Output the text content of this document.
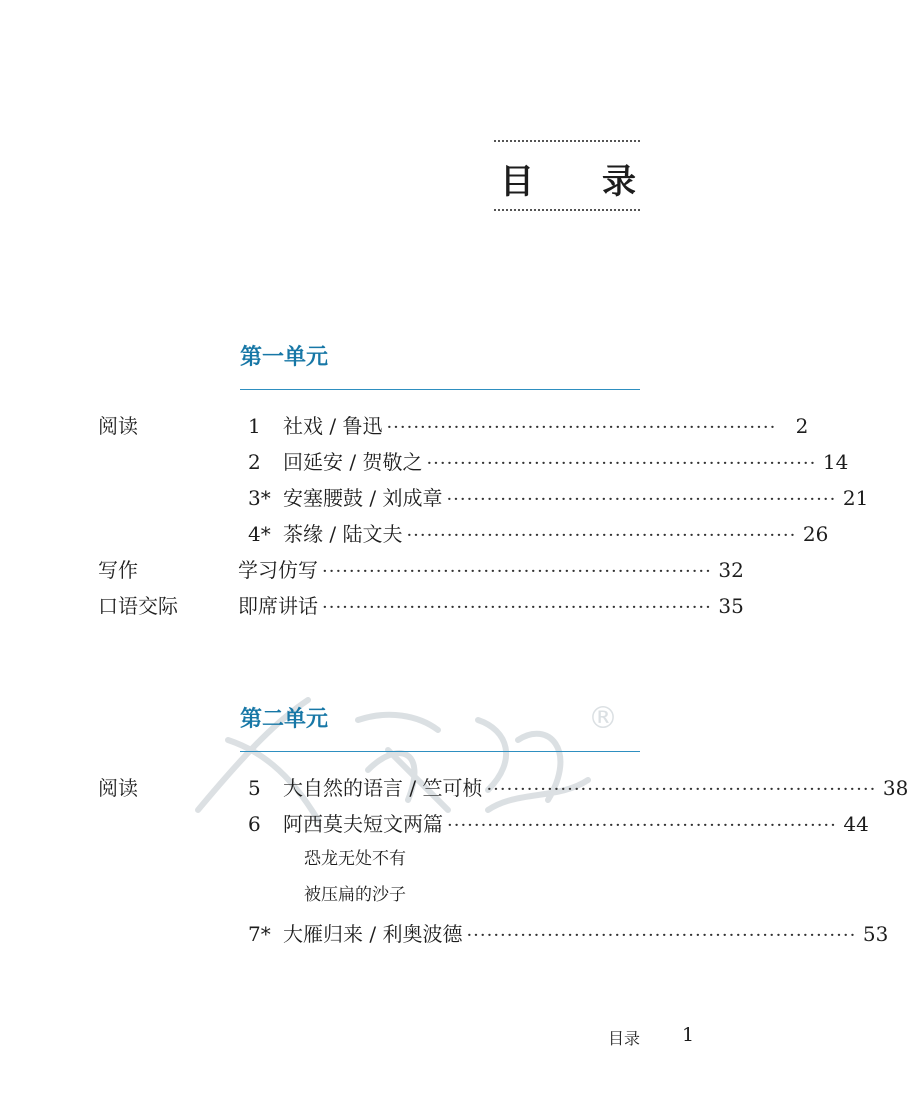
目 录
®
第一单元
阅读	1 社戏 / 鲁迅 ·························································· 2
2 回延安 / 贺敬之 ·························································· 14
3* 安塞腰鼓 / 刘成章 ·························································· 21
4* 茶缘 / 陆文夫 ·························································· 26
写作	学习仿写 ·························································· 32
口语交际	即席讲话 ·························································· 35
第二单元
阅读	5 大自然的语言 / 竺可桢 ·························································· 38
6 阿西莫夫短文两篇 ·························································· 44
恐龙无处不有
被压扁的沙子
7* 大雁归来 / 利奥波德 ·························································· 53
目录 1
